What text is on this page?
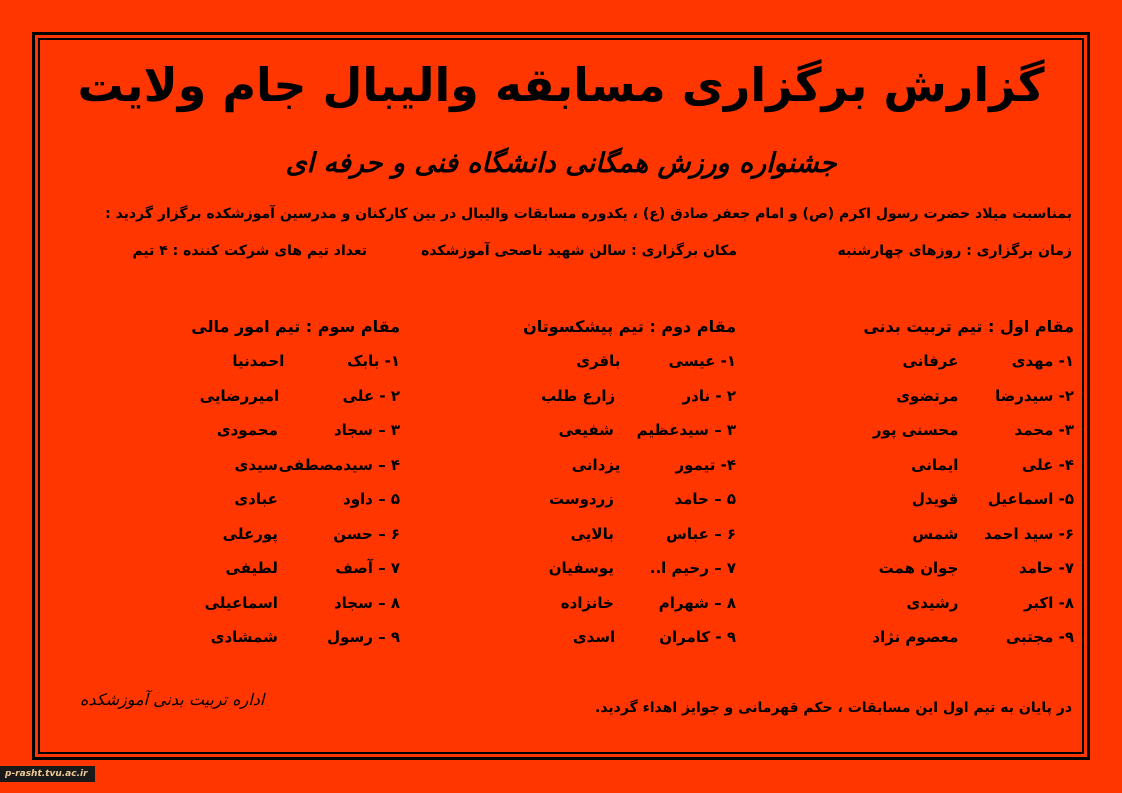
گزارش برگزاری مسابقه والیبال جام ولایت
جشنواره ورزش همگانی دانشگاه فنی و حرفه ای
بمناسبت میلاد حضرت رسول اکرم (ص) و امام جعفر صادق (ع) ، یکدوره مسابقات والیبال در بین کارکنان و مدرسین آموزشکده برگزار گردید :
زمان برگزاری : روزهای چهارشنبه
مکان برگزاری : سالن شهید ناصحی آموزشکده
تعداد تیم های شرکت کننده : ۴ تیم
مقام اول : تیم تربیت بدنی
۱- مهدیعرفانی
۲- سیدرضامرتضوی
۳- محمدمحسنی پور
۴- علیایمانی
۵- اسماعیلقویدل
۶- سید احمدشمس
۷- حامدجوان همت
۸- اکبررشیدی
۹- مجتبیمعصوم نژاد
مقام دوم : تیم پیشکسوتان
۱- عیسیباقری
۲ - نادرزارع طلب
۳ – سیدعظیمشفیعی
۴- تیموریزدانی
۵ – حامدزردوست
۶ – عباسبالایی
۷ – رحیم ا..یوسفیان
۸ – شهرامخانزاده
۹ - کامراناسدی
مقام سوم : تیم امور مالی
۱- بابکاحمدنیا
۲ - علیامیررضایی
۳ – سجادمحمودی
۴ – سیدمصطفیسیدی
۵ – داودعبادی
۶ – حسنپورعلی
۷ – آصفلطیفی
۸ – سجاداسماعیلی
۹ – رسولشمشادی
در پایان به تیم اول این مسابقات ، حکم قهرمانی و جوایز اهداء گردید.
اداره تربیت بدنی آموزشکده
p-rasht.tvu.ac.ir
